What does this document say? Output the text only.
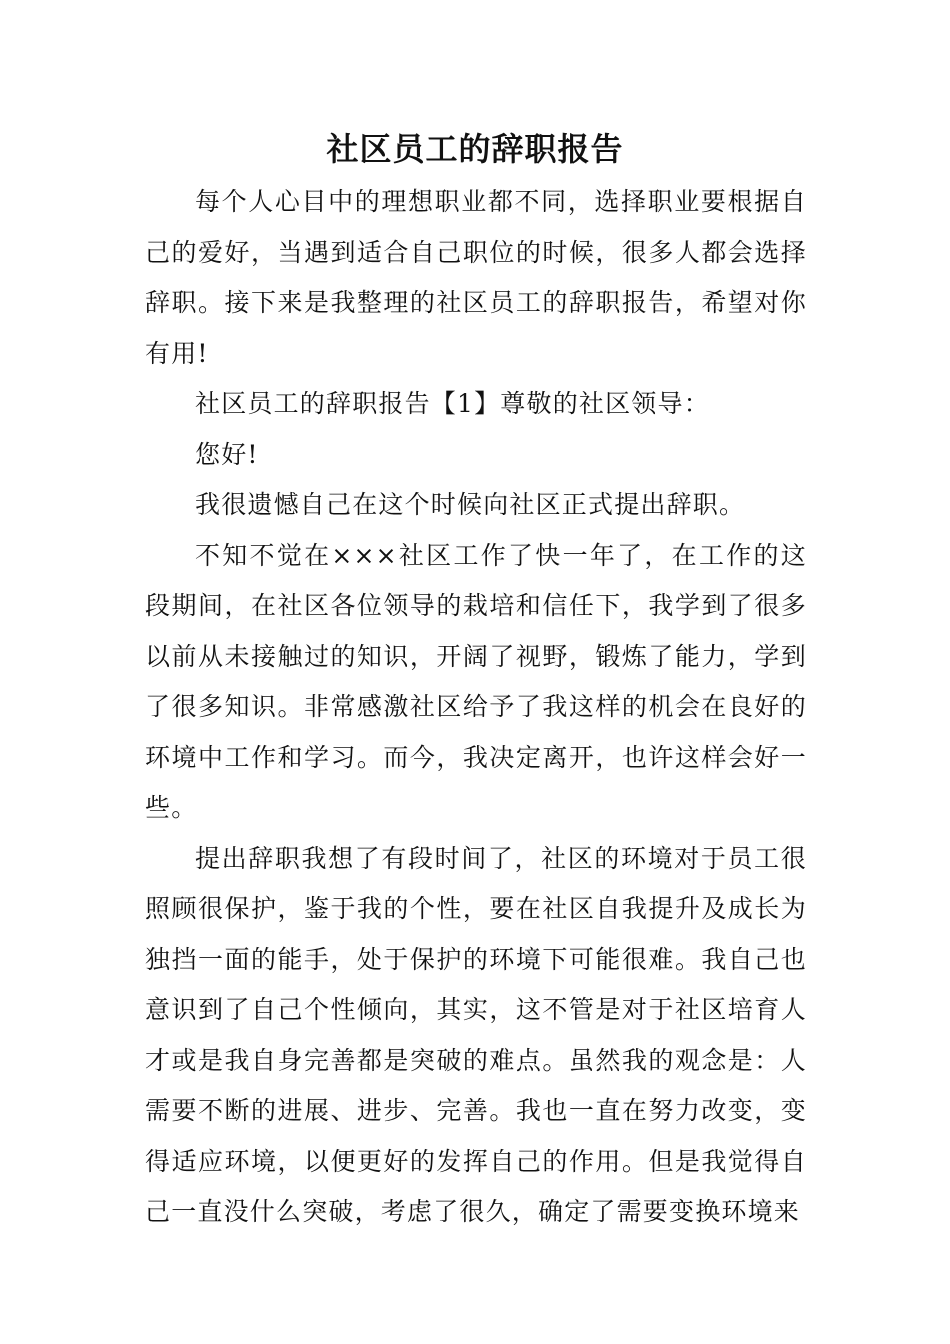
社区员工的辞职报告

每个人心目中的理想职业都不同，选择职业要根据自己的爱好，当遇到适合自己职位的时候，很多人都会选择辞职。接下来是我整理的社区员工的辞职报告，希望对你有用!

社区员工的辞职报告【1】尊敬的社区领导：

您好!

我很遗憾自己在这个时候向社区正式提出辞职。

不知不觉在×××社区工作了快一年了，在工作的这段期间，在社区各位领导的栽培和信任下，我学到了很多以前从未接触过的知识，开阔了视野，锻炼了能力，学到了很多知识。非常感激社区给予了我这样的机会在良好的环境中工作和学习。而今，我决定离开，也许这样会好一些。

提出辞职我想了有段时间了，社区的环境对于员工很照顾很保护，鉴于我的个性，要在社区自我提升及成长为独挡一面的能手，处于保护的环境下可能很难。我自己也意识到了自己个性倾向，其实，这不管是对于社区培育人才或是我自身完善都是突破的难点。虽然我的观念是：人需要不断的进展、进步、完善。我也一直在努力改变，变得适应环境，以便更好的发挥自己的作用。但是我觉得自己一直没什么突破，考虑了很久，确定了需要变换环境来
